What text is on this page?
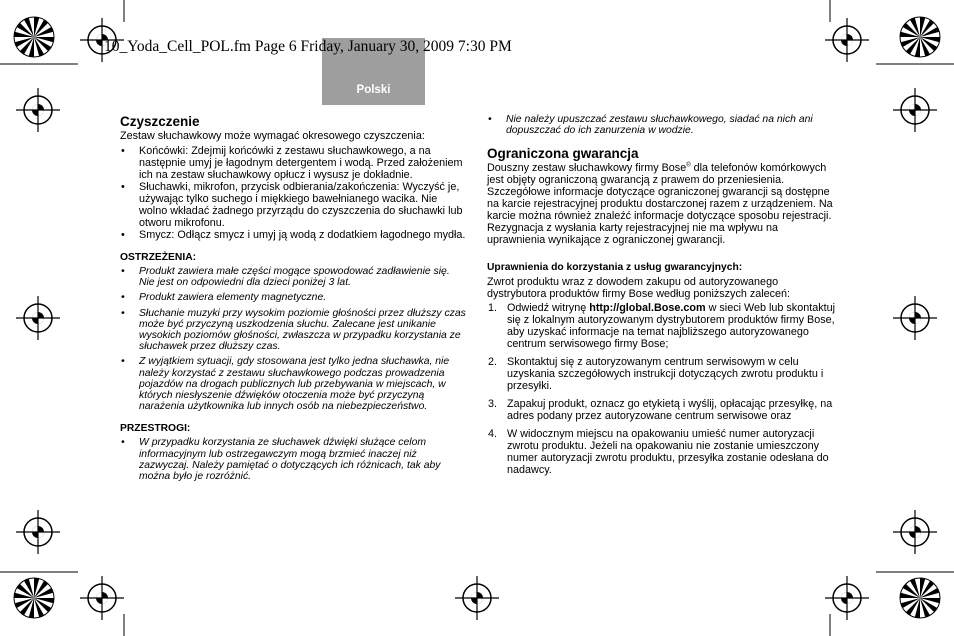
Polski
10_Yoda_Cell_POL.fm Page 6 Friday, January 30, 2009 7:30 PM
Czyszczenie

Zestaw słuchawkowy może wymagać okresowego czyszczenia:

• Końcówki: Zdejmij końcówki z zestawu słuchawkowego, a na następnie umyj je łagodnym detergentem i wodą. Przed założeniem ich na zestaw słuchawkowy opłucz i wysusz je dokładnie.
• Słuchawki, mikrofon, przycisk odbierania/zakończenia: Wyczyść je, używając tylko suchego i miękkiego bawełnianego wacika. Nie wolno wkładać żadnego przyrządu do czyszczenia do słuchawki lub otworu mikrofonu.
• Smycz: Odłącz smycz i umyj ją wodą z dodatkiem łagodnego mydła.
OSTRZEŻENIA:
• Produkt zawiera małe części mogące spowodować zadławienie się. Nie jest on odpowiedni dla dzieci poniżej 3 lat.
• Produkt zawiera elementy magnetyczne.
• Słuchanie muzyki przy wysokim poziomie głośności przez dłuższy czas może być przyczyną uszkodzenia słuchu. Zalecane jest unikanie wysokich poziomów głośności, zwłaszcza w przypadku korzystania ze słuchawek przez dłuższy czas.
• Z wyjątkiem sytuacji, gdy stosowana jest tylko jedna słuchawka, nie należy korzystać z zestawu słuchawkowego podczas prowadzenia pojazdów na drogach publicznych lub przebywania w miejscach, w których niesłyszenie dźwięków otoczenia może być przyczyną narażenia użytkownika lub innych osób na niebezpieczeństwo.
PRZESTROGI:
• W przypadku korzystania ze słuchawek dźwięki służące celom informacyjnym lub ostrzegawczym mogą brzmieć inaczej niż zazwyczaj. Należy pamiętać o dotyczących ich różnicach, tak aby można było je rozróżnić.
• Nie należy upuszczać zestawu słuchawkowego, siadać na nich ani dopuszczać do ich zanurzenia w wodzie.
Ograniczona gwarancja

Douszny zestaw słuchawkowy firmy Bose® dla telefonów komórkowych jest objęty ograniczoną gwarancją z prawem do przeniesienia. Szczegółowe informacje dotyczące ograniczonej gwarancji są dostępne na karcie rejestracyjnej produktu dostarczonej razem z urządzeniem. Na karcie można również znaleźć informacje dotyczące sposobu rejestracji. Rezygnacja z wysłania karty rejestracyjnej nie ma wpływu na uprawnienia wynikające z ograniczonej gwarancji.

Uprawnienia do korzystania z usług gwarancyjnych:

Zwrot produktu wraz z dowodem zakupu od autoryzowanego dystrybutora produktów firmy Bose według poniższych zaleceń:

1. Odwiedź witrynę http://global.Bose.com w sieci Web lub skontaktuj się z lokalnym autoryzowanym dystrybutorem produktów firmy Bose, aby uzyskać informacje na temat najbliższego autoryzowanego centrum serwisowego firmy Bose;
2. Skontaktuj się z autoryzowanym centrum serwisowym w celu uzyskania szczegółowych instrukcji dotyczących zwrotu produktu i przesyłki.
3. Zapakuj produkt, oznacz go etykietą i wyślij, opłacając przesyłkę, na adres podany przez autoryzowane centrum serwisowe oraz
4. W widocznym miejscu na opakowaniu umieść numer autoryzacji zwrotu produktu. Jeżeli na opakowaniu nie zostanie umieszczony numer autoryzacji zwrotu produktu, przesyłka zostanie odesłana do nadawcy.
